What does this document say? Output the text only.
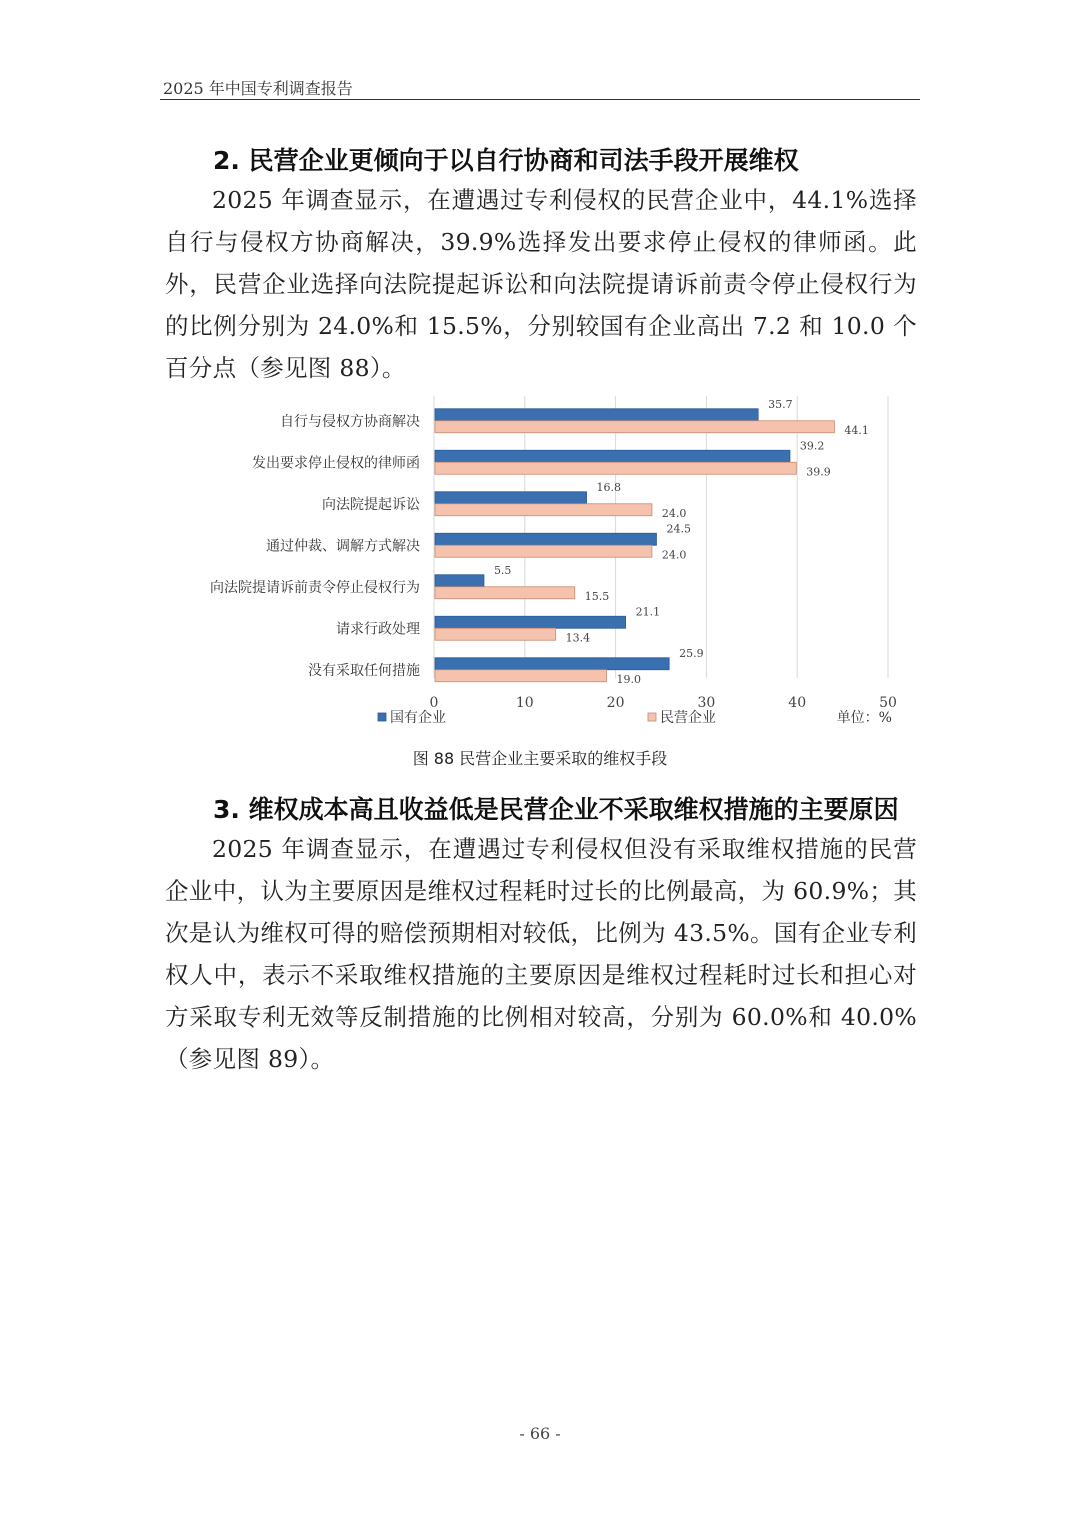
2025 年中国专利调查报告
2. 民营企业更倾向于以自行协商和司法手段开展维权
2025 年调查显示，在遭遇过专利侵权的民营企业中，44.1%选择自行与侵权方协商解决，39.9%选择发出要求停止侵权的律师函。此外，民营企业选择向法院提起诉讼和向法院提请诉前责令停止侵权行为的比例分别为 24.0%和 15.5%，分别较国有企业高出 7.2 和 10.0 个百分点（参见图 88）。
0	10	20	30	40	50
自行与侵权方协商解决
35.7
44.1
发出要求停止侵权的律师函
39.2
39.9
向法院提起诉讼
16.8
24.0
通过仲裁、调解方式解决
24.5
24.0
向法院提请诉前责令停止侵权行为
5.5
15.5
请求行政处理
21.1
13.4
没有采取任何措施
25.9
19.0
国有企业	民营企业	单位：%
图 88 民营企业主要采取的维权手段
3. 维权成本高且收益低是民营企业不采取维权措施的主要原因
2025 年调查显示，在遭遇过专利侵权但没有采取维权措施的民营企业中，认为主要原因是维权过程耗时过长的比例最高，为 60.9%；其次是认为维权可得的赔偿预期相对较低，比例为 43.5%。国有企业专利权人中，表示不采取维权措施的主要原因是维权过程耗时过长和担心对方采取专利无效等反制措施的比例相对较高，分别为 60.0%和 40.0%（参见图 89）。
- 66 -
